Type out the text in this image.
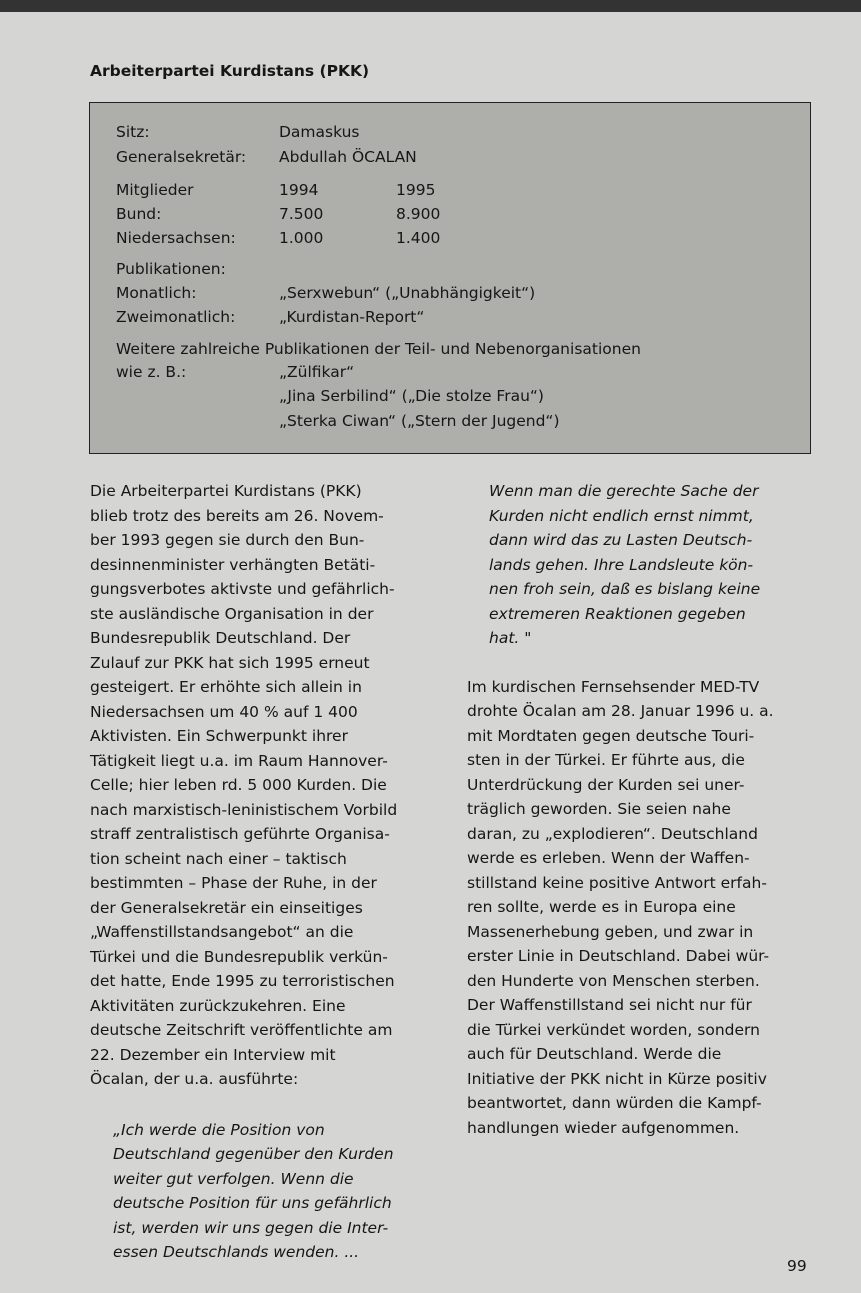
Arbeiterpartei Kurdistans (PKK)
Sitz:	Damaskus
Generalsekretär: Abdullah ÖCALAN
Mitglieder	1994	1995
Bund:	7.500	8.900
Niedersachsen:	1.000	1.400
Publikationen:
Monatlich:	„Serxwebun“ („Unabhängigkeit“)
Zweimonatlich:	„Kurdistan-Report“
Weitere zahlreiche Publikationen der Teil- und Nebenorganisationen
wie z. B.:	„Zülfikar“
„Jina Serbilind“ („Die stolze Frau“)
„Sterka Ciwan“ („Stern der Jugend“)

Die Arbeiterpartei Kurdistans (PKK)
blieb trotz des bereits am 26. Novem-
ber 1993 gegen sie durch den Bun-
desinnenminister verhängten Betäti-
gungsverbotes aktivste und gefährlich-
ste ausländische Organisation in der
Bundesrepublik Deutschland. Der
Zulauf zur PKK hat sich 1995 erneut
gesteigert. Er erhöhte sich allein in
Niedersachsen um 40 % auf 1 400
Aktivisten. Ein Schwerpunkt ihrer
Tätigkeit liegt u.a. im Raum Hannover-
Celle; hier leben rd. 5 000 Kurden. Die
nach marxistisch-leninistischem Vorbild
straff zentralistisch geführte Organisa-
tion scheint nach einer – taktisch
bestimmten – Phase der Ruhe, in der
der Generalsekretär ein einseitiges
„Waffenstillstandsangebot“ an die
Türkei und die Bundesrepublik verkün-
det hatte, Ende 1995 zu terroristischen
Aktivitäten zurückzukehren. Eine
deutsche Zeitschrift veröffentlichte am
22. Dezember ein Interview mit
Öcalan, der u.a. ausführte:

„Ich werde die Position von
Deutschland gegenüber den Kurden
weiter gut verfolgen. Wenn die
deutsche Position für uns gefährlich
ist, werden wir uns gegen die Inter-
essen Deutschlands wenden. ...

Wenn man die gerechte Sache der
Kurden nicht endlich ernst nimmt,
dann wird das zu Lasten Deutsch-
lands gehen. Ihre Landsleute kön-
nen froh sein, daß es bislang keine
extremeren Reaktionen gegeben
hat. "

Im kurdischen Fernsehsender MED-TV
drohte Öcalan am 28. Januar 1996 u. a.
mit Mordtaten gegen deutsche Touri-
sten in der Türkei. Er führte aus, die
Unterdrückung der Kurden sei uner-
träglich geworden. Sie seien nahe
daran, zu „explodieren“. Deutschland
werde es erleben. Wenn der Waffen-
stillstand keine positive Antwort erfah-
ren sollte, werde es in Europa eine
Massenerhebung geben, und zwar in
erster Linie in Deutschland. Dabei wür-
den Hunderte von Menschen sterben.
Der Waffenstillstand sei nicht nur für
die Türkei verkündet worden, sondern
auch für Deutschland. Werde die
Initiative der PKK nicht in Kürze positiv
beantwortet, dann würden die Kampf-
handlungen wieder aufgenommen.

99
